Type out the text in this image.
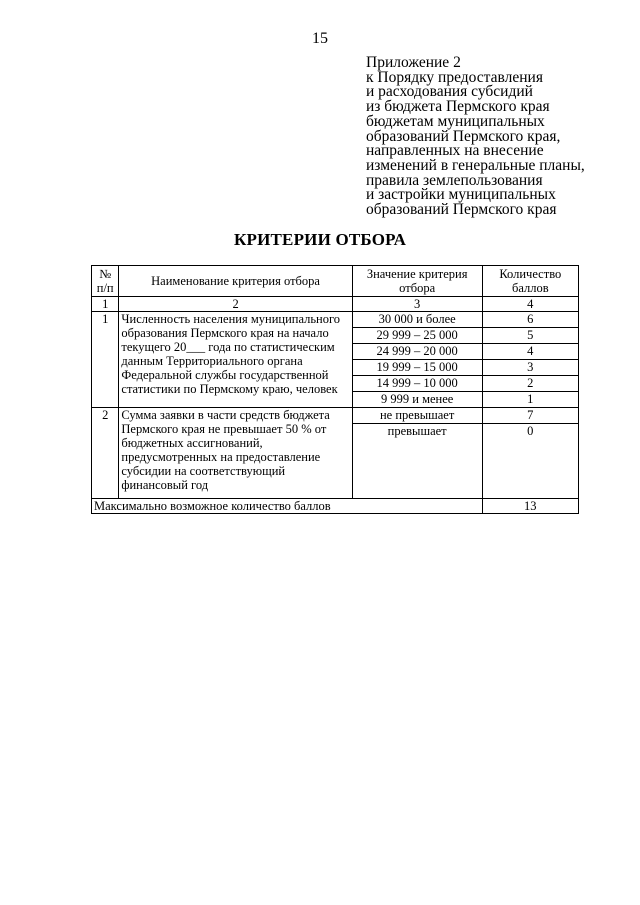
15
Приложение 2
к Порядку предоставления
и расходования субсидий
из бюджета Пермского края
бюджетам муниципальных
образований Пермского края,
направленных на внесение
изменений в генеральные планы,
правила землепользования
и застройки муниципальных
образований Пермского края
КРИТЕРИИ ОТБОРА
№ п/п	Наименование критерия отбора	Значение критерия отбора	Количество баллов
1	2	3	4
1	Численность населения муниципального образования Пермского края на начало текущего 20___ года по статистическим данным Территориального органа Федеральной службы государственной статистики по Пермскому краю, человек	30 000 и более	6
		29 999 – 25 000	5
		24 999 – 20 000	4
		19 999 – 15 000	3
		14 999 – 10 000	2
		9 999 и менее	1
2	Сумма заявки в части средств бюджета Пермского края не превышает 50 % от бюджетных ассигнований, предусмотренных на предоставление субсидии на соответствующий финансовый год	не превышает	7
		превышает	0
Максимально возможное количество баллов			13
